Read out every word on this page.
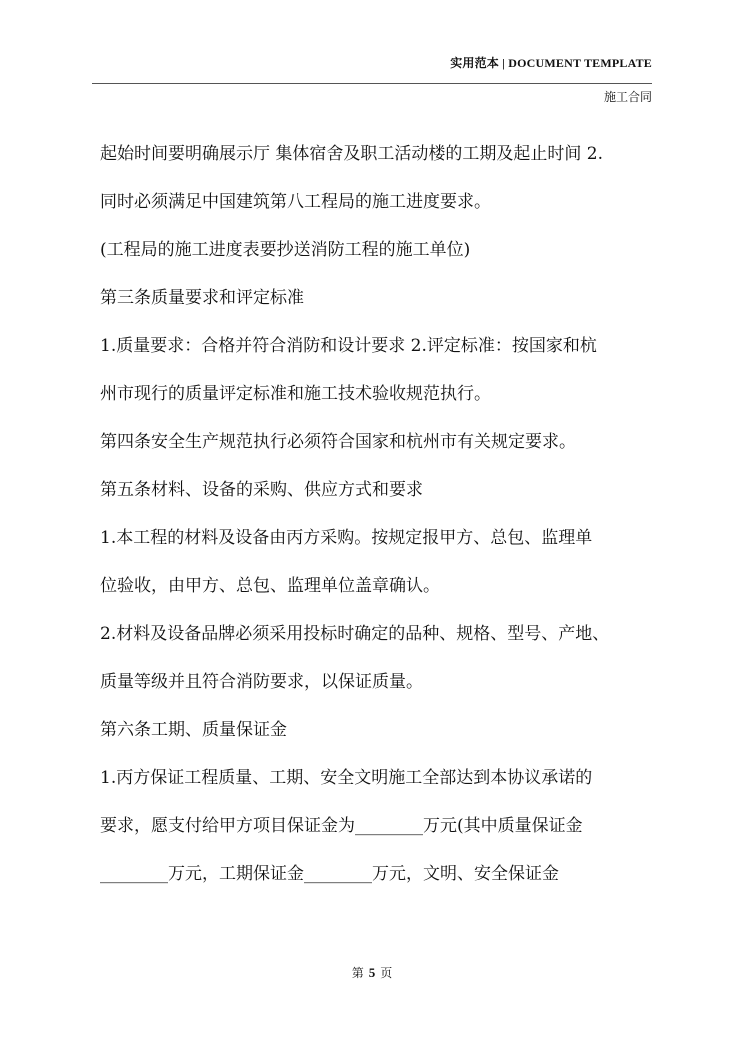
实用范本 | DOCUMENT TEMPLATE
施工合同

起始时间要明确展示厅 集体宿舍及职工活动楼的工期及起止时间 2.

同时必须满足中国建筑第八工程局的施工进度要求。

(工程局的施工进度表要抄送消防工程的施工单位)

第三条质量要求和评定标准

1.质量要求：合格并符合消防和设计要求 2.评定标准：按国家和杭

州市现行的质量评定标准和施工技术验收规范执行。

第四条安全生产规范执行必须符合国家和杭州市有关规定要求。

第五条材料、设备的采购、供应方式和要求

1.本工程的材料及设备由丙方采购。按规定报甲方、总包、监理单

位验收，由甲方、总包、监理单位盖章确认。

2.材料及设备品牌必须采用投标时确定的品种、规格、型号、产地、

质量等级并且符合消防要求，以保证质量。

第六条工期、质量保证金

1.丙方保证工程质量、工期、安全文明施工全部达到本协议承诺的

要求，愿支付给甲方项目保证金为________万元(其中质量保证金

________万元，工期保证金________万元，文明、安全保证金

第 5 页
